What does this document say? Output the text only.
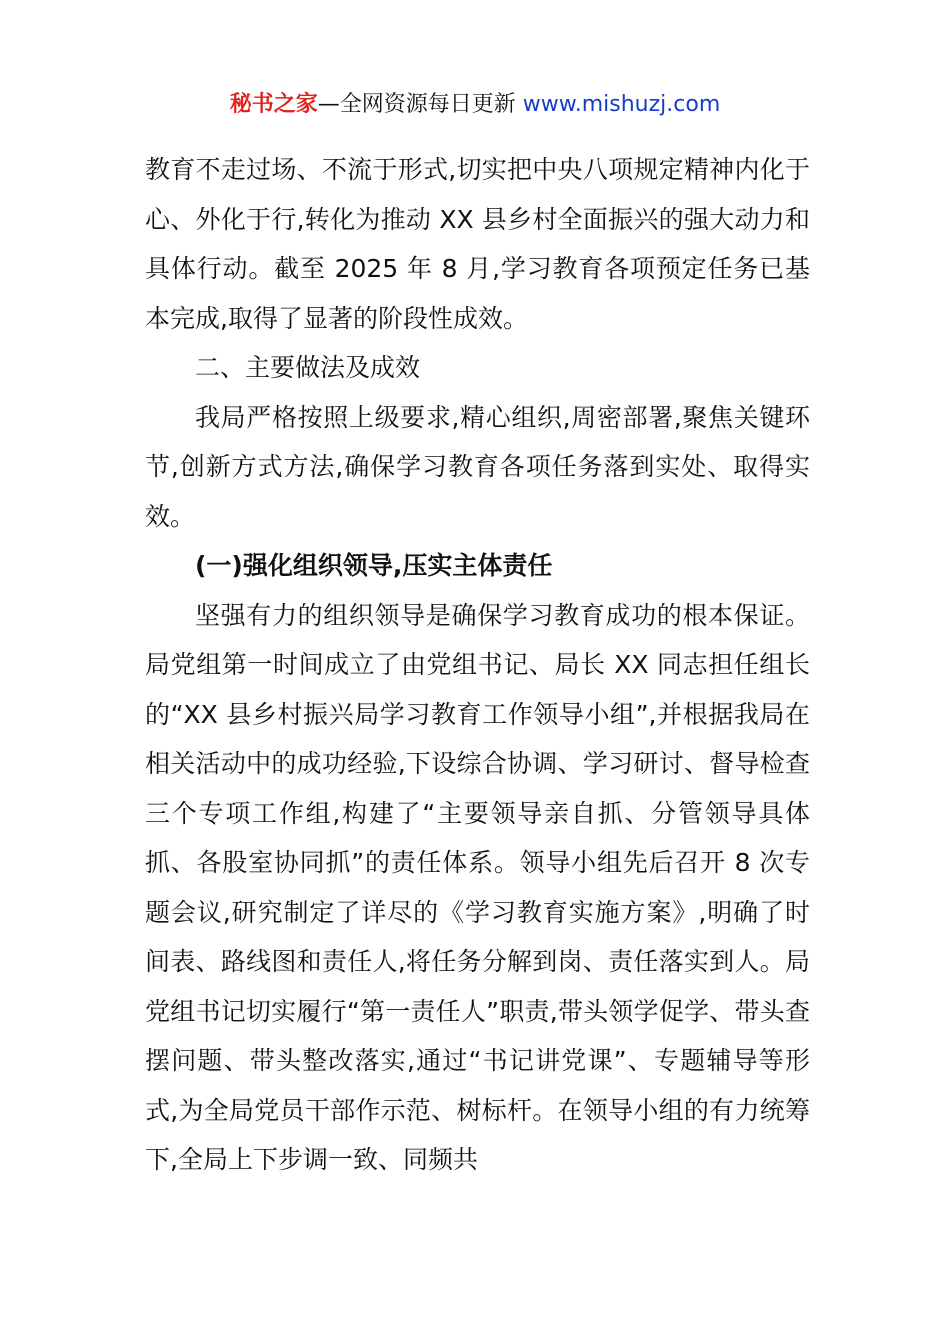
秘书之家—全网资源每日更新 www.mishuzj.com

教育不走过场、不流于形式,切实把中央八项规定精神内化于心、外化于行,转化为推动 XX 县乡村全面振兴的强大动力和具体行动。截至 2025 年 8 月,学习教育各项预定任务已基本完成,取得了显著的阶段性成效。

二、主要做法及成效

我局严格按照上级要求,精心组织,周密部署,聚焦关键环节,创新方式方法,确保学习教育各项任务落到实处、取得实效。

(一)强化组织领导,压实主体责任

坚强有力的组织领导是确保学习教育成功的根本保证。局党组第一时间成立了由党组书记、局长 XX 同志担任组长的“XX 县乡村振兴局学习教育工作领导小组”,并根据我局在相关活动中的成功经验,下设综合协调、学习研讨、督导检查三个专项工作组,构建了“主要领导亲自抓、分管领导具体抓、各股室协同抓”的责任体系。领导小组先后召开 8 次专题会议,研究制定了详尽的《学习教育实施方案》,明确了时间表、路线图和责任人,将任务分解到岗、责任落实到人。局党组书记切实履行“第一责任人”职责,带头领学促学、带头查摆问题、带头整改落实,通过“书记讲党课”、专题辅导等形式,为全局党员干部作示范、树标杆。在领导小组的有力统筹下,全局上下步调一致、同频共
